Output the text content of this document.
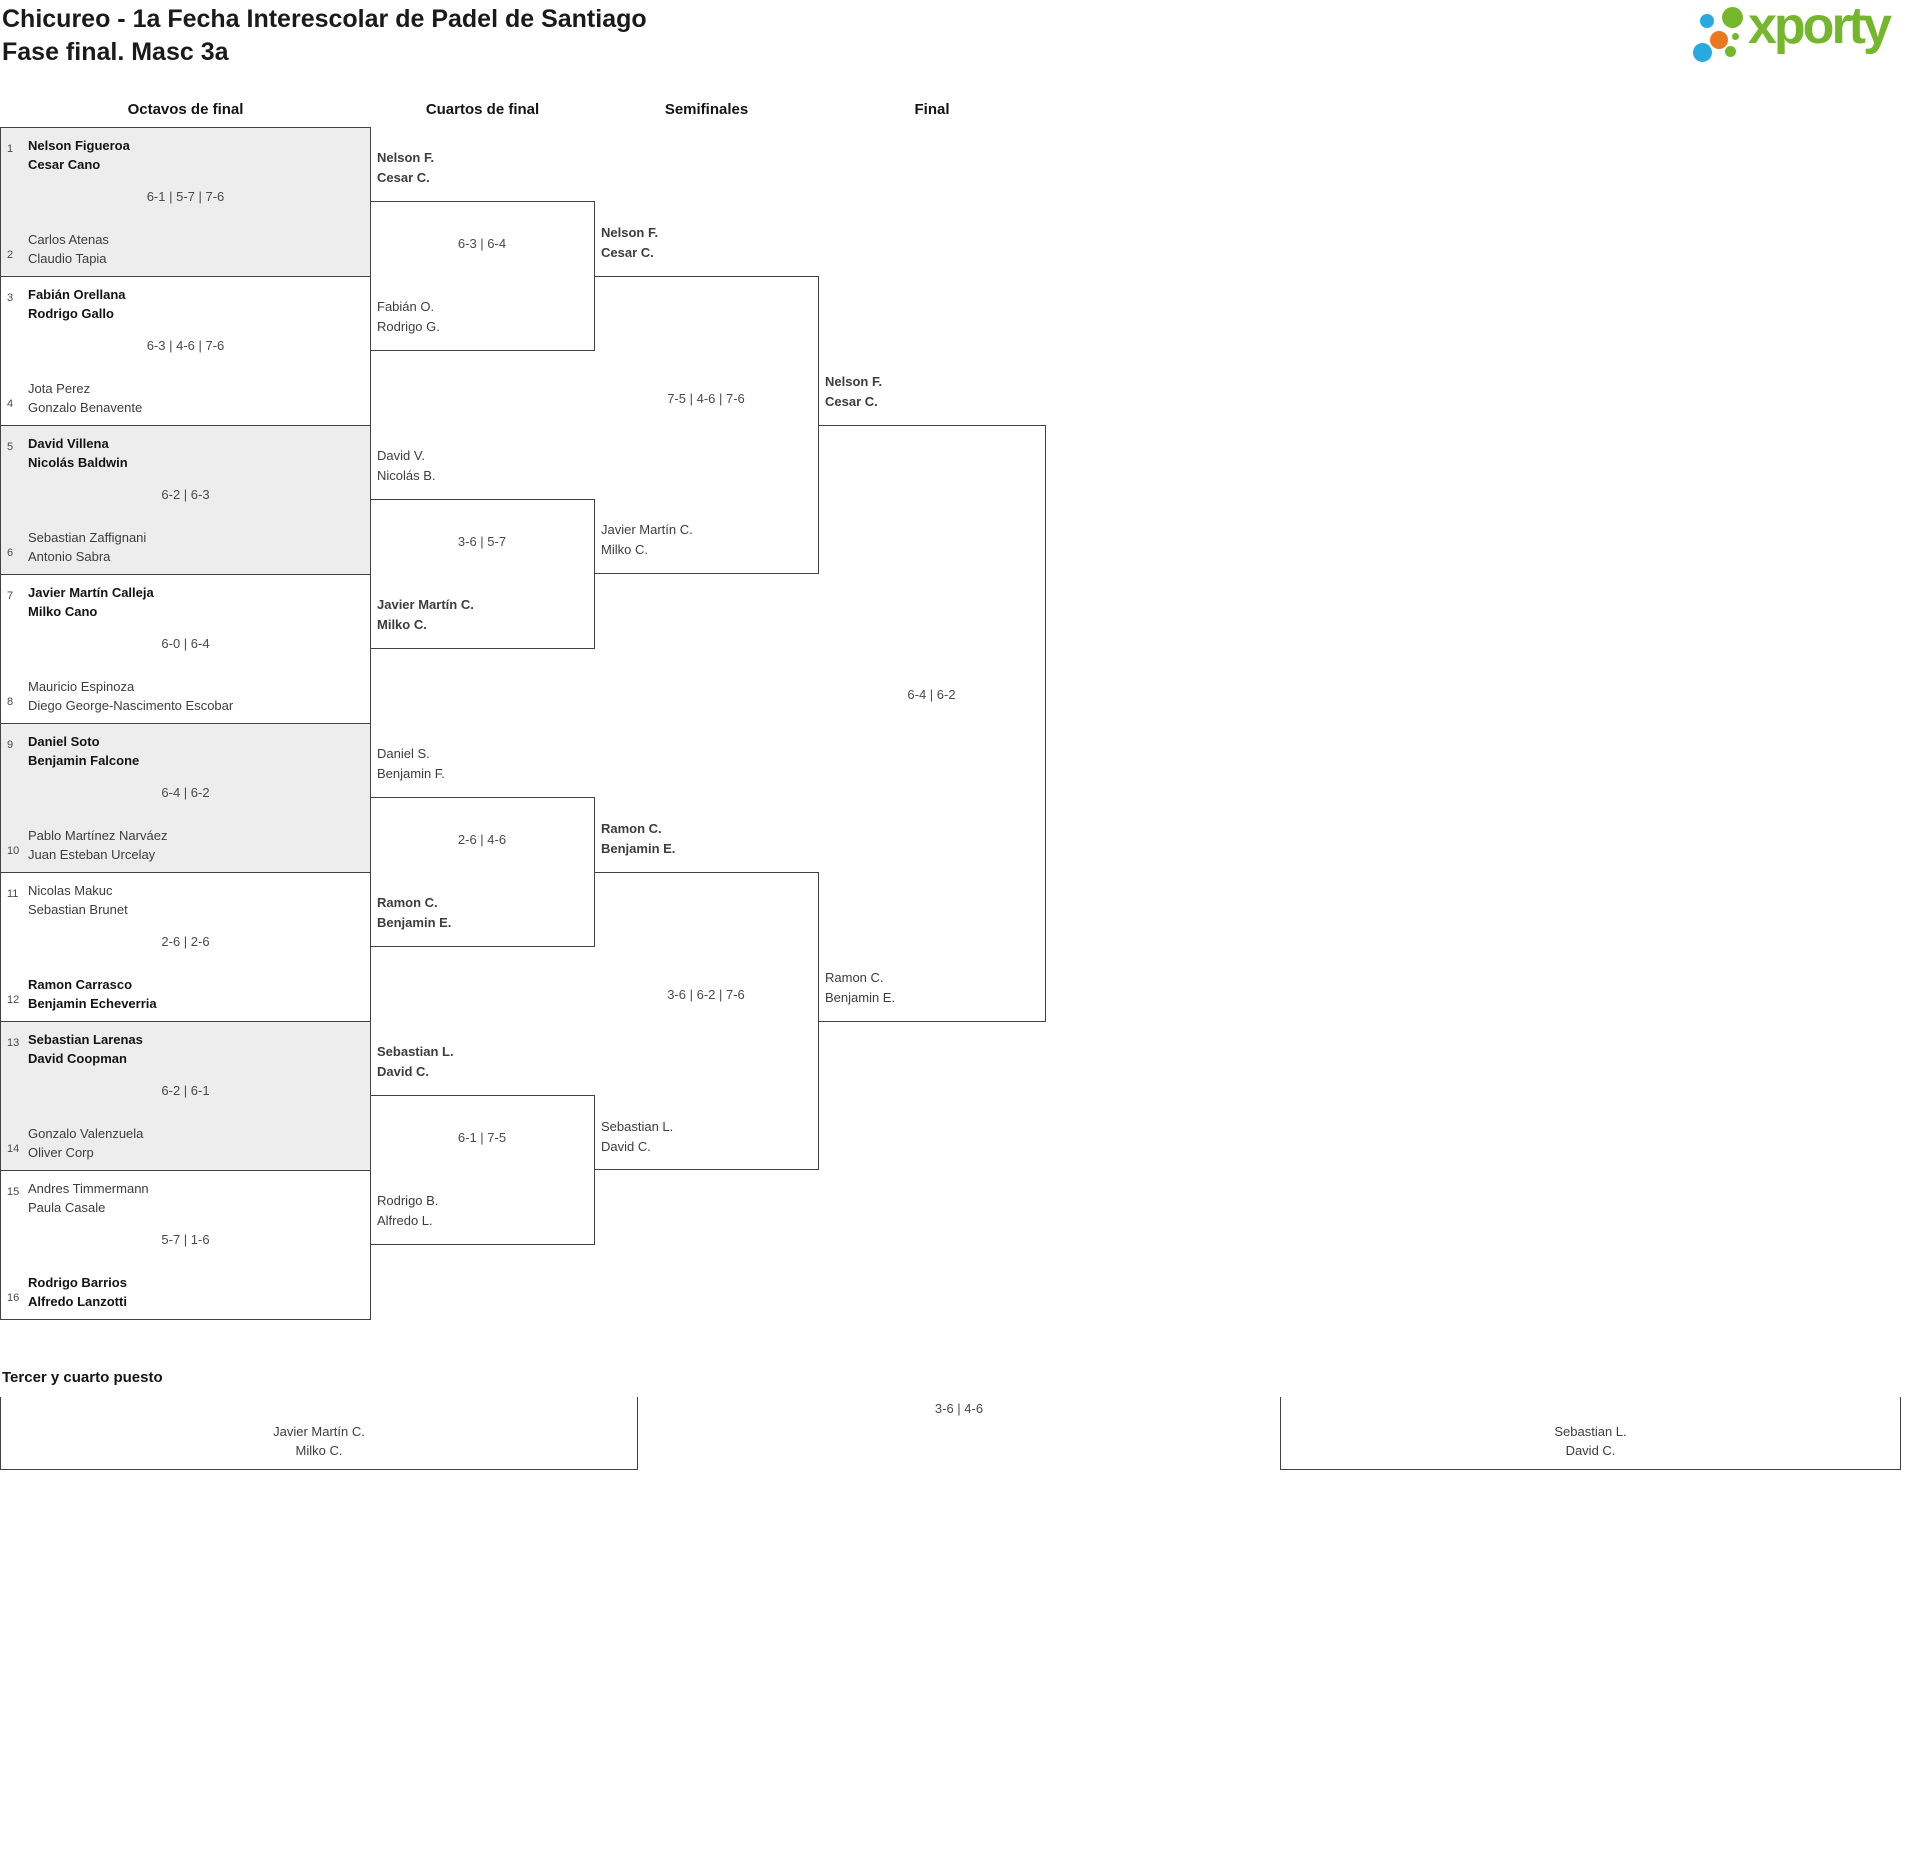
Chicureo - 1a Fecha Interescolar de Padel de Santiago
Fase final. Masc 3a	xporty
Octavos de final	Cuartos de final	Semifinales	Final
1	Nelson Figueroa
Cesar Cano
6-1 | 5-7 | 7-6
2
Carlos Atenas
Claudio Tapia
3	Fabián Orellana
Rodrigo Gallo
6-3 | 4-6 | 7-6
4
Jota Perez
Gonzalo Benavente
5	David Villena
Nicolás Baldwin
6-2 | 6-3
6
Sebastian Zaffignani
Antonio Sabra
7	Javier Martín Calleja
Milko Cano
6-0 | 6-4
8
Mauricio Espinoza
Diego George-Nascimento Escobar
9	Daniel Soto
Benjamin Falcone
6-4 | 6-2
10
Pablo Martínez Narváez
Juan Esteban Urcelay
11 Nicolas Makuc
Sebastian Brunet
2-6 | 2-6
12
Ramon Carrasco
Benjamin Echeverria
13 Sebastian Larenas
David Coopman
6-2 | 6-1
14
Gonzalo Valenzuela
Oliver Corp
15 Andres Timmermann
Paula Casale
5-7 | 1-6
16
Rodrigo Barrios
Alfredo Lanzotti
6-3 | 6-4
3-6 | 5-7
2-6 | 4-6
6-1 | 7-5
7-5 | 4-6 | 7-6
3-6 | 6-2 | 7-6
6-4 | 6-2
Nelson F.
Cesar C.
Fabián O.
Rodrigo G.
David V.
Nicolás B.
Javier Martín C.
Milko C.
Daniel S.
Benjamin F.
Ramon C.
Benjamin E.
Sebastian L.
David C.
Rodrigo B.
Alfredo L.
Nelson F.
Cesar C.
Javier Martín C.
Milko C.
Ramon C.
Benjamin E.
Sebastian L.
David C.
Nelson F.
Cesar C.
Ramon C.
Benjamin E.
Tercer y cuarto puesto
Javier Martín C.
Milko C.
3-6 | 4-6
Sebastian L.
David C.
